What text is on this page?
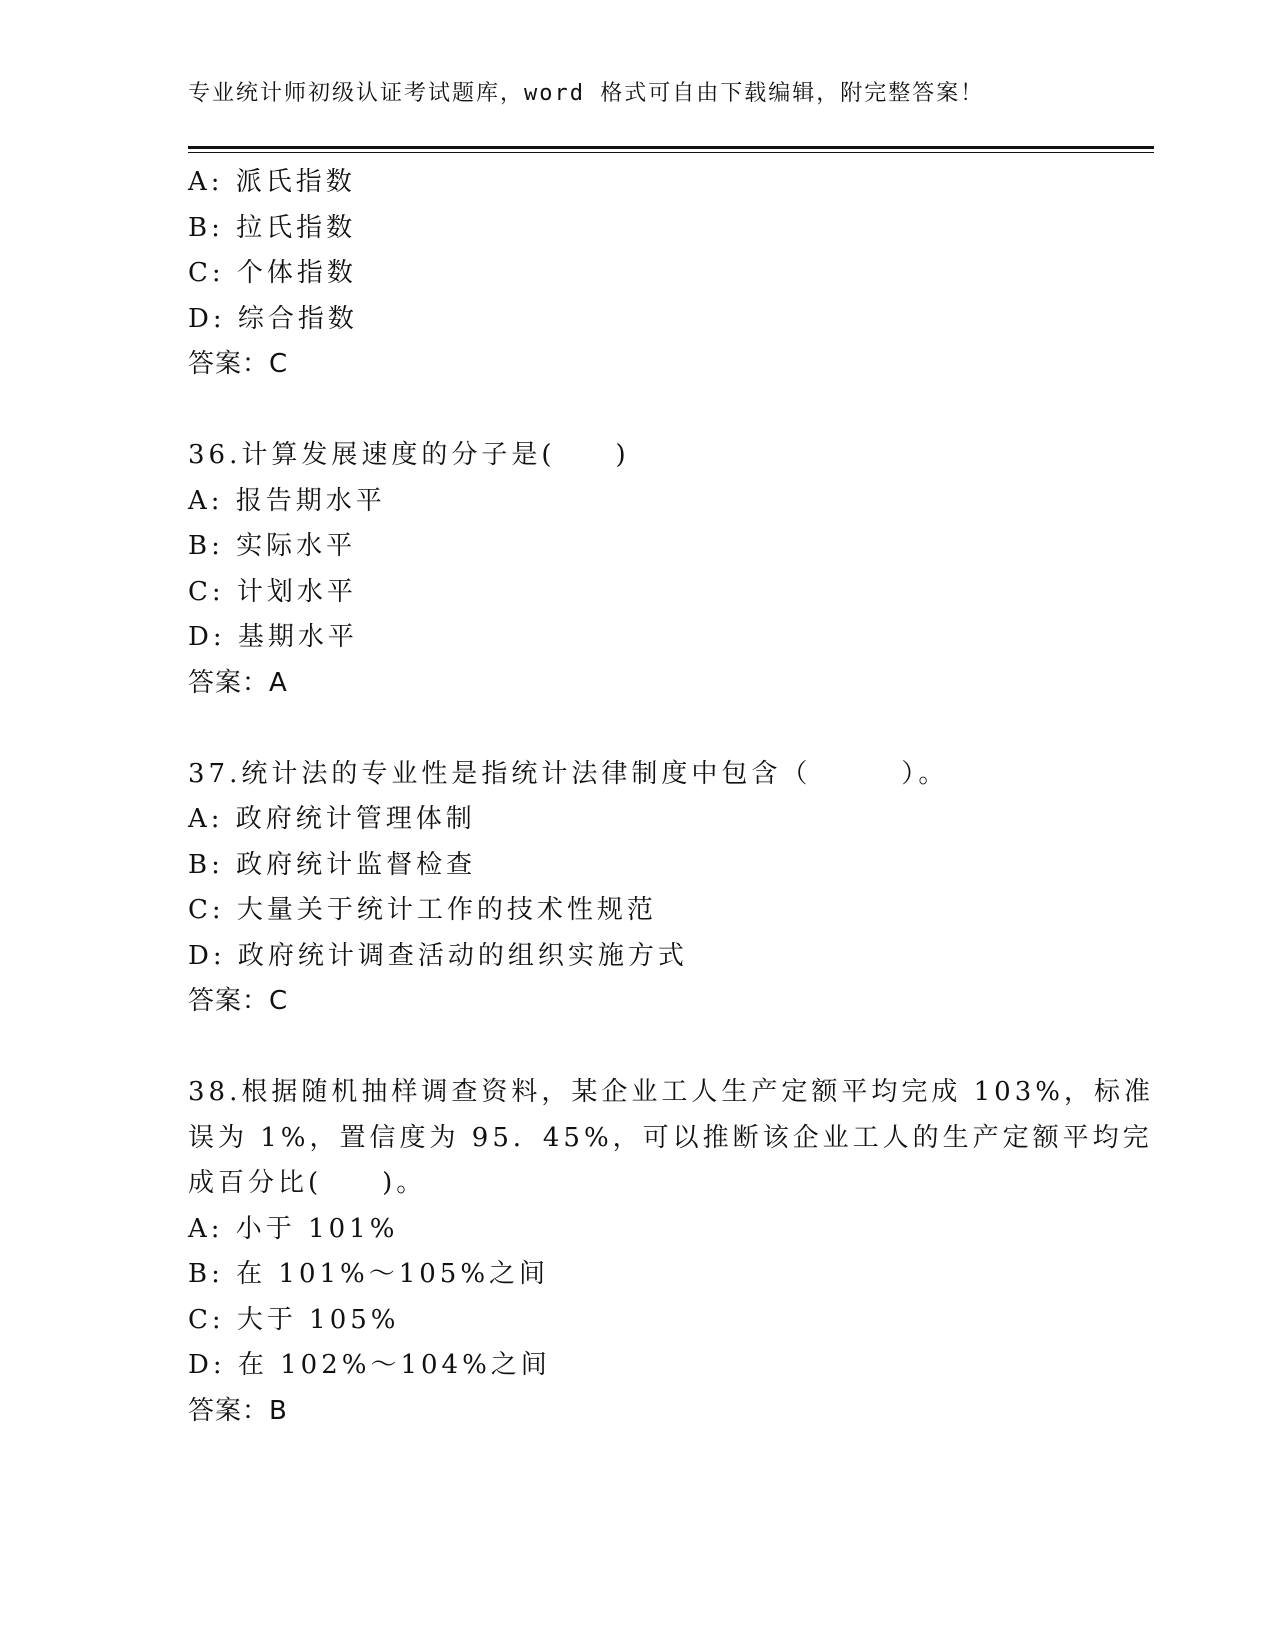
专业统计师初级认证考试题库，word 格式可自由下载编辑，附完整答案！
A: 派氏指数
B: 拉氏指数
C: 个体指数
D: 综合指数
答案：C
36.计算发展速度的分子是(　　)
A: 报告期水平
B: 实际水平
C: 计划水平
D: 基期水平
答案：A
37.统计法的专业性是指统计法律制度中包含（　　　）。
A: 政府统计管理体制
B: 政府统计监督检查
C: 大量关于统计工作的技术性规范
D: 政府统计调查活动的组织实施方式
答案：C
38.根据随机抽样调查资料，某企业工人生产定额平均完成 103%，标准
误为 1%，置信度为 95．45%，可以推断该企业工人的生产定额平均完
成百分比(　　)。
A: 小于 101%
B: 在 101%～105%之间
C: 大于 105%
D: 在 102%～104%之间
答案：B
